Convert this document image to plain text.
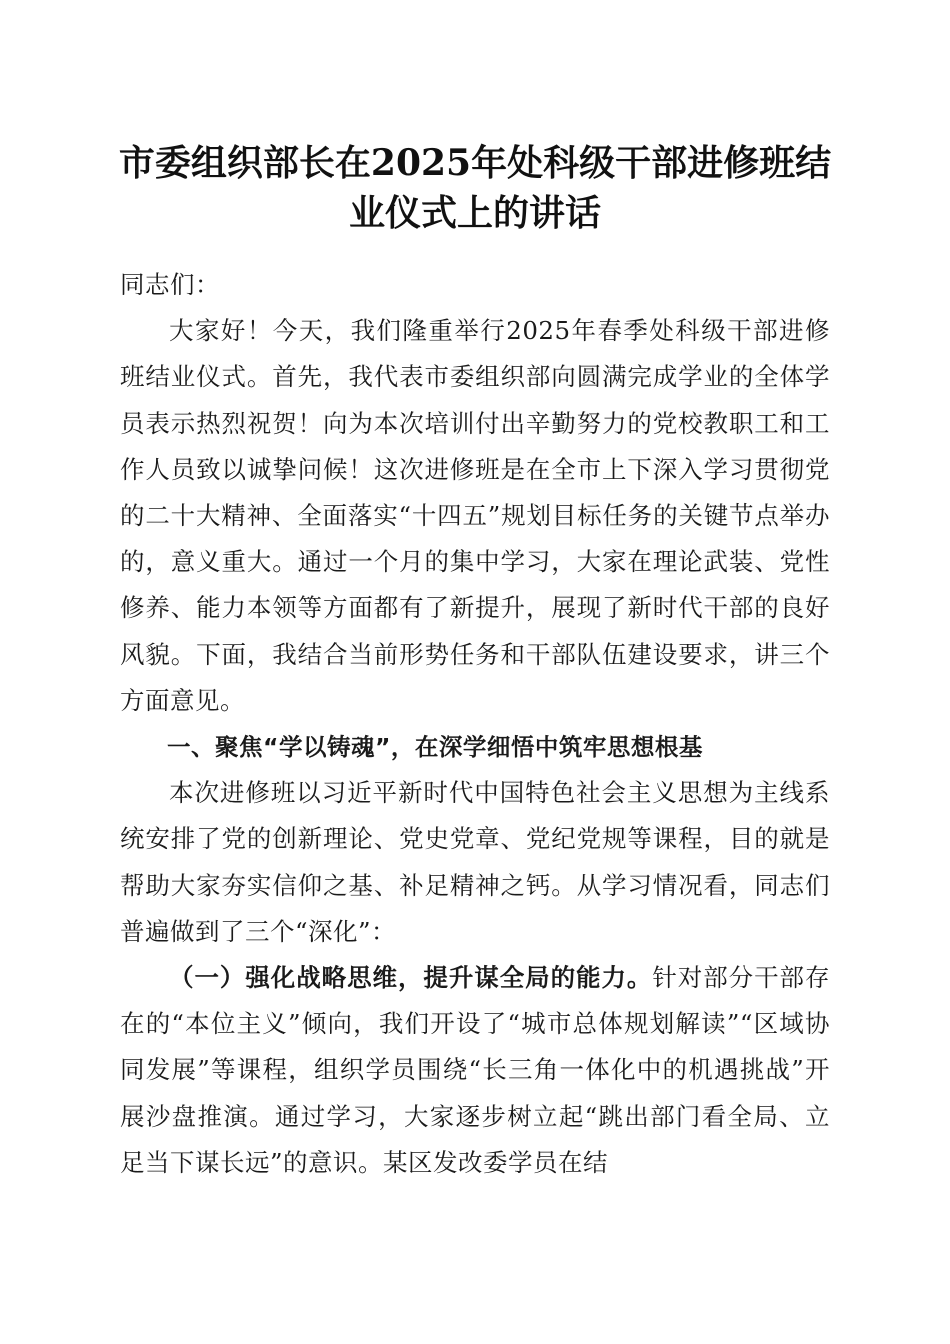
市委组织部长在2025年处科级干部进修班结
业仪式上的讲话

同志们：

大家好！今天，我们隆重举行2025年春季处科级干部进修班结业仪式。首先，我代表市委组织部向圆满完成学业的全体学员表示热烈祝贺！向为本次培训付出辛勤努力的党校教职工和工作人员致以诚挚问候！这次进修班是在全市上下深入学习贯彻党的二十大精神、全面落实“十四五”规划目标任务的关键节点举办的，意义重大。通过一个月的集中学习，大家在理论武装、党性修养、能力本领等方面都有了新提升，展现了新时代干部的良好风貌。下面，我结合当前形势任务和干部队伍建设要求，讲三个方面意见。

一、聚焦“学以铸魂”，在深学细悟中筑牢思想根基

本次进修班以习近平新时代中国特色社会主义思想为主线系统安排了党的创新理论、党史党章、党纪党规等课程，目的就是帮助大家夯实信仰之基、补足精神之钙。从学习情况看，同志们普遍做到了三个“深化”：

（一）强化战略思维，提升谋全局的能力。针对部分干部存在的“本位主义”倾向，我们开设了“城市总体规划解读”“区域协同发展”等课程，组织学员围绕“长三角一体化中的机遇挑战”开展沙盘推演。通过学习，大家逐步树立起“跳出部门看全局、立足当下谋长远”的意识。某区发改委学员在结
